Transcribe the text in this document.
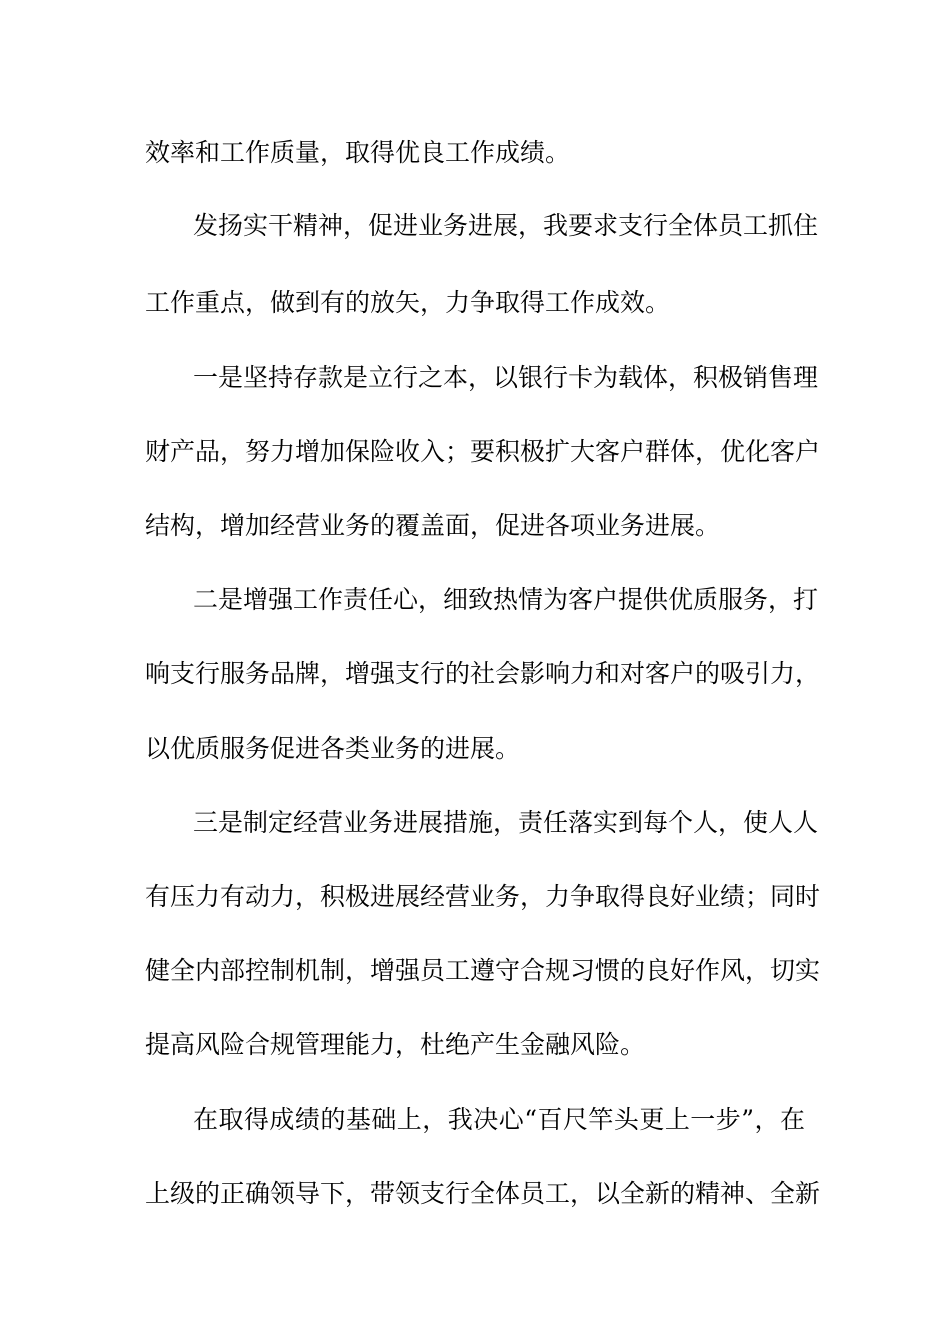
效率和工作质量，取得优良工作成绩。
发扬实干精神，促进业务进展，我要求支行全体员工抓住
工作重点，做到有的放矢，力争取得工作成效。
一是坚持存款是立行之本，以银行卡为载体，积极销售理
财产品，努力增加保险收入；要积极扩大客户群体，优化客户
结构，增加经营业务的覆盖面，促进各项业务进展。
二是增强工作责任心，细致热情为客户提供优质服务，打
响支行服务品牌，增强支行的社会影响力和对客户的吸引力，
以优质服务促进各类业务的进展。
三是制定经营业务进展措施，责任落实到每个人，使人人
有压力有动力，积极进展经营业务，力争取得良好业绩；同时
健全内部控制机制，增强员工遵守合规习惯的良好作风，切实
提高风险合规管理能力，杜绝产生金融风险。
在取得成绩的基础上，我决心“百尺竿头更上一步”，在
上级的正确领导下，带领支行全体员工，以全新的精神、全新
